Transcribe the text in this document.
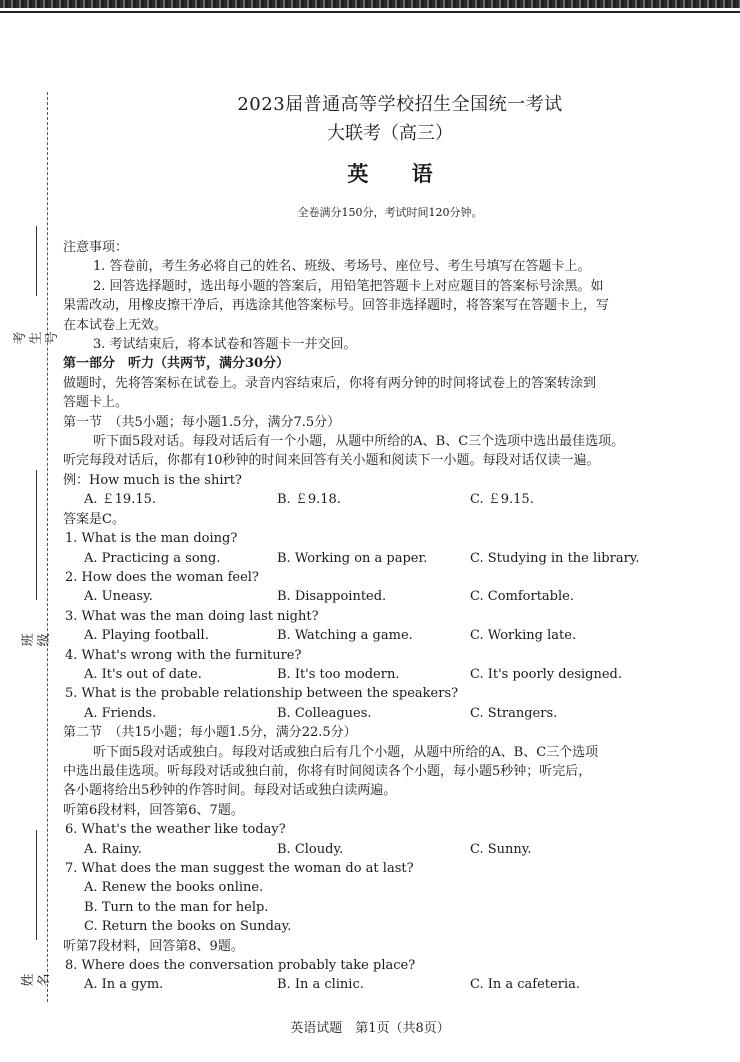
考生号
班级
姓名
2023届普通高等学校招生全国统一考试
大联考（高三）
英 语
全卷满分150分，考试时间120分钟。

注意事项：

1. 答卷前，考生务必将自己的姓名、班级、考场号、座位号、考生号填写在答题卡上。

2. 回答选择题时，选出每小题的答案后，用铅笔把答题卡上对应题目的答案标号涂黑。如

果需改动，用橡皮擦干净后，再选涂其他答案标号。回答非选择题时，将答案写在答题卡上，写

在本试卷上无效。

3. 考试结束后，将本试卷和答题卡一并交回。

第一部分　听力（共两节，满分30分）

做题时，先将答案标在试卷上。录音内容结束后，你将有两分钟的时间将试卷上的答案转涂到

答题卡上。

第一节　（共5小题；每小题1.5分，满分7.5分）

听下面5段对话。每段对话后有一个小题，从题中所给的A、B、C三个选项中选出最佳选项。

听完每段对话后，你都有10秒钟的时间来回答有关小题和阅读下一小题。每段对话仅读一遍。

例：How much is the shirt?

A. ￡19.15.	B. ￡9.18.	C. ￡9.15.

答案是C。

1. What is the man doing?

A. Practicing a song.	B. Working on a paper.	C. Studying in the library.

2. How does the woman feel?

A. Uneasy.	B. Disappointed.	C. Comfortable.

3. What was the man doing last night?

A. Playing football.	B. Watching a game.	C. Working late.

4. What's wrong with the furniture?

A. It's out of date.	B. It's too modern.	C. It's poorly designed.

5. What is the probable relationship between the speakers?

A. Friends.	B. Colleagues.	C. Strangers.

第二节　（共15小题；每小题1.5分，满分22.5分）

听下面5段对话或独白。每段对话或独白后有几个小题，从题中所给的A、B、C三个选项

中选出最佳选项。听每段对话或独白前，你将有时间阅读各个小题，每小题5秒钟；听完后，

各小题将给出5秒钟的作答时间。每段对话或独白读两遍。

听第6段材料，回答第6、7题。

6. What's the weather like today?

A. Rainy.	B. Cloudy.	C. Sunny.

7. What does the man suggest the woman do at last?

A. Renew the books online.

B. Turn to the man for help.

C. Return the books on Sunday.

听第7段材料，回答第8、9题。

8. Where does the conversation probably take place?

A. In a gym.	B. In a clinic.	C. In a cafeteria.
英语试题　第1页（共8页）
